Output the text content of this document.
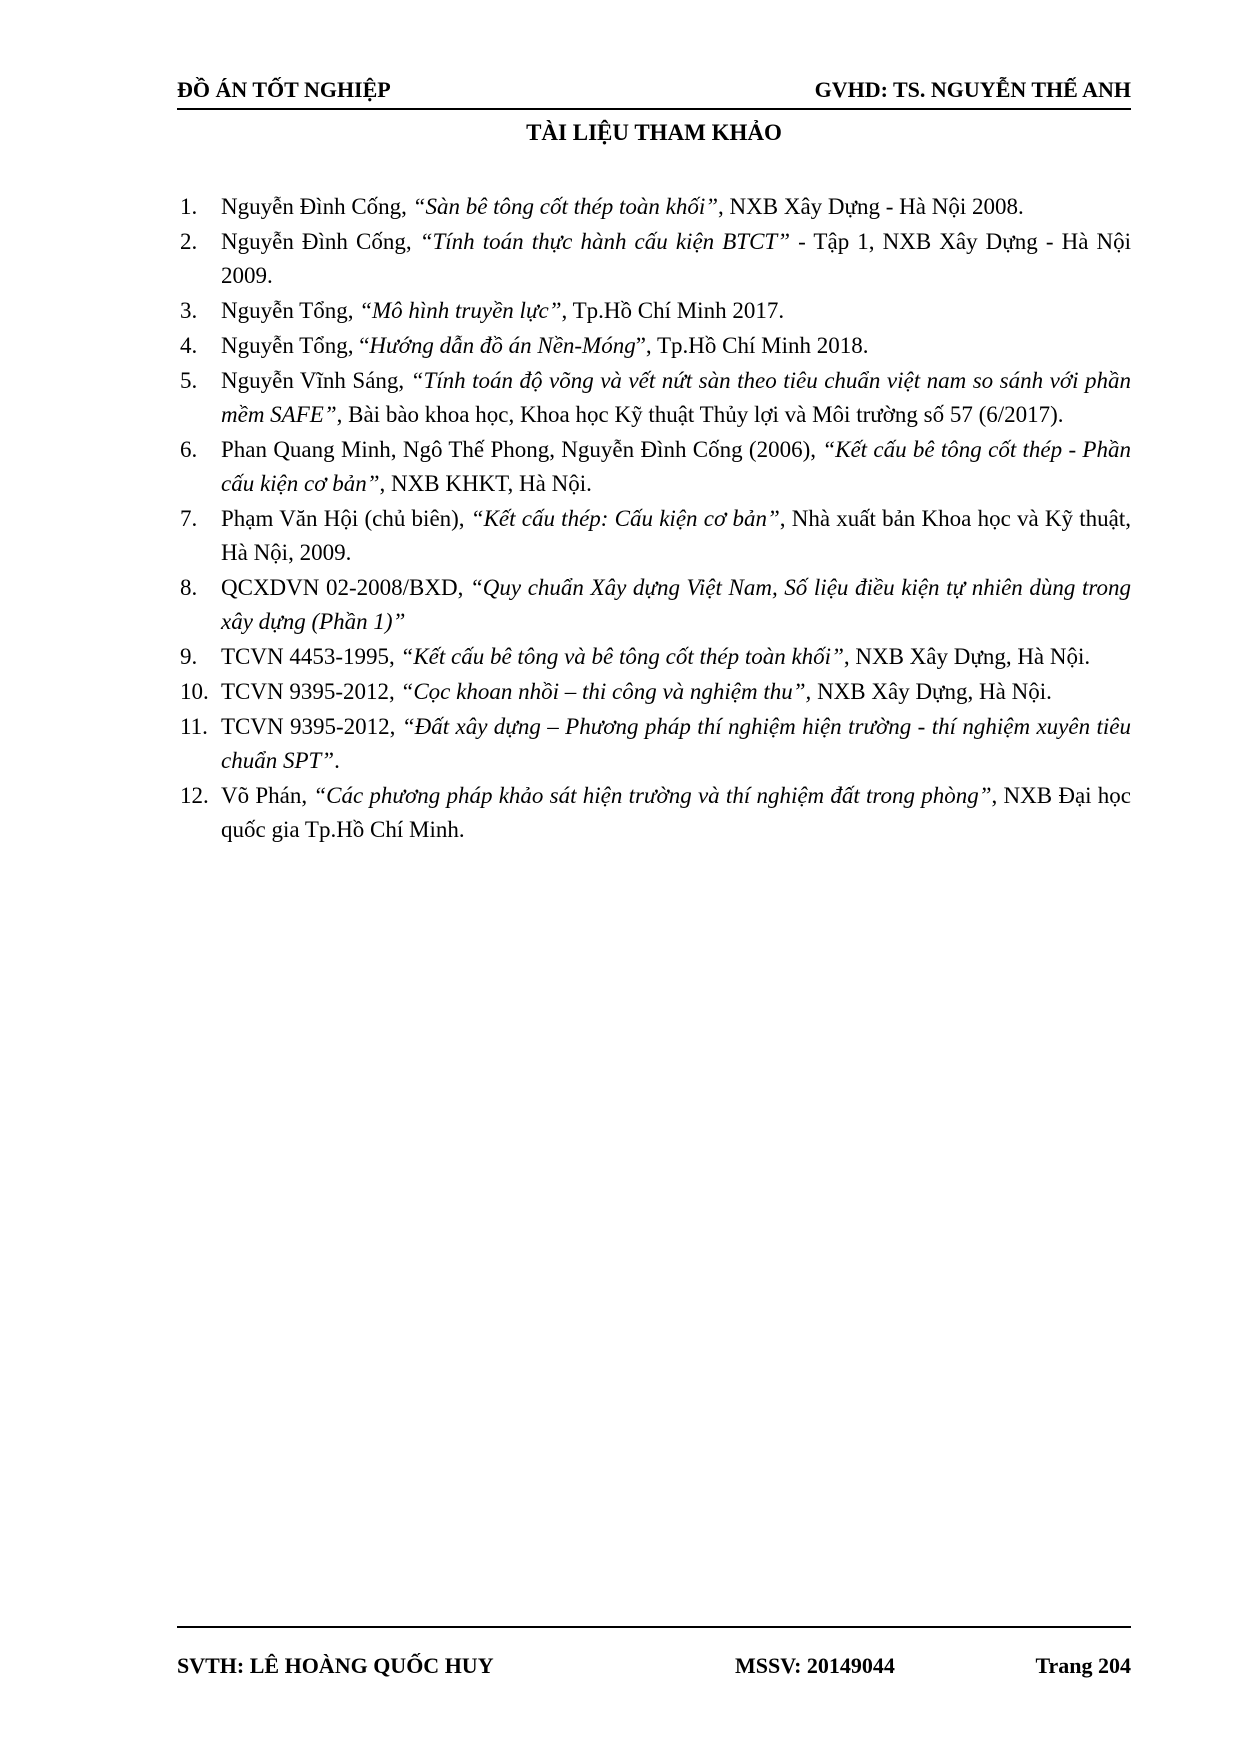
ĐỒ ÁN TỐT NGHIỆP	GVHD: TS. NGUYỄN THẾ ANH
TÀI LIỆU THAM KHẢO
1. Nguyễn Đình Cống, “Sàn bê tông cốt thép toàn khối”, NXB Xây Dựng - Hà Nội 2008.
2. Nguyễn Đình Cống, “Tính toán thực hành cấu kiện BTCT” - Tập 1, NXB Xây Dựng - Hà Nội 2009.
3. Nguyễn Tổng, “Mô hình truyền lực”, Tp.Hồ Chí Minh 2017.
4. Nguyễn Tổng, “Hướng dẫn đồ án Nền-Móng”, Tp.Hồ Chí Minh 2018.
5. Nguyễn Vĩnh Sáng, “Tính toán độ võng và vết nứt sàn theo tiêu chuẩn việt nam so sánh với phần mềm SAFE”, Bài bào khoa học, Khoa học Kỹ thuật Thủy lợi và Môi trường số 57 (6/2017).
6. Phan Quang Minh, Ngô Thế Phong, Nguyễn Đình Cống (2006), “Kết cấu bê tông cốt thép - Phần cấu kiện cơ bản”, NXB KHKT, Hà Nội.
7. Phạm Văn Hội (chủ biên), “Kết cấu thép: Cấu kiện cơ bản”, Nhà xuất bản Khoa học và Kỹ thuật, Hà Nội, 2009.
8. QCXDVN 02-2008/BXD, “Quy chuẩn Xây dựng Việt Nam, Số liệu điều kiện tự nhiên dùng trong xây dựng (Phần 1)”
9. TCVN 4453-1995, “Kết cấu bê tông và bê tông cốt thép toàn khối”, NXB Xây Dựng, Hà Nội.
10. TCVN 9395-2012, “Cọc khoan nhồi – thi công và nghiệm thu”, NXB Xây Dựng, Hà Nội.
11. TCVN 9395-2012, “Đất xây dựng – Phương pháp thí nghiệm hiện trường - thí nghiệm xuyên tiêu chuẩn SPT”.
12. Võ Phán, “Các phương pháp khảo sát hiện trường và thí nghiệm đất trong phòng”, NXB Đại học quốc gia Tp.Hồ Chí Minh.
SVTH: LÊ HOÀNG QUỐC HUY	MSSV: 20149044	Trang 204
